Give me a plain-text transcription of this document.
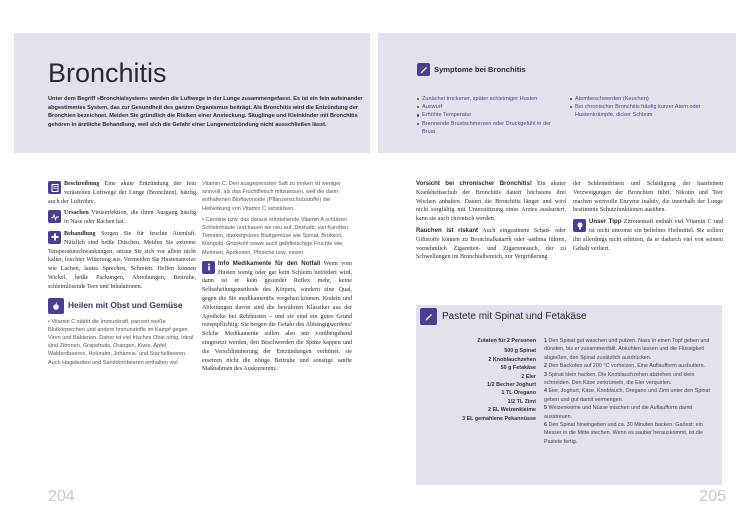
Bronchitis

Unter dem Begriff »Bronchialsystem« werden die Luftwege in der Lunge zusammengefasst. Es ist ein fein aufeinander abgestimmtes System, das zur Gesundheit des ganzen Organismus beiträgt. Als Bronchitis wird die Entzündung der Bronchien bezeichnet. Meiden Sie gründlich die Risiken einer Ansteckung. Säuglinge und Kleinkinder mit Bronchitis gehören in ärztliche Behandlung, weil sich die Gefahr einer Lungenentzündung nicht ausschließen lässt.

Beschreibung Eine akute Entzündung der fein verästelten Luftwege der Lunge (Bronchien), häufig auch der Luftröhre.
Ursachen Virusinfektion, die ihren Ausgang häufig in Nase oder Rachen hat.
Behandlung Sorgen Sie für feuchte Atemluft. Nützlich sind heiße Duschen. Meiden Sie extreme Temperaturschwankungen, setzen Sie sich vor allem nicht kalter, feuchter Witterung aus. Vermeiden Sie Hustenanreize wie Lachen, lautes Sprechen, Schreien. Helfen können Wickel, heiße Packungen, Abreibungen, Bettruhe, schleimlösende Tees und Inhalationen.
Heilen mit Obst und Gemüse
• Vitamin C stärkt die Immunkraft, panzert weiße Blutkörperchen und andere Immunstoffe im Kampf gegen Viren und Bakterien. Daher ist viel frisches Obst nötig. Ideal sind Zitronen, Grapefruits, Orangen, Kiwis, Äpfel, Walderdbeeren, Holunder, Johannis- und Stachelbeeren. Auch Hagebutten und Sanddornbeeren enthalten viel
Vitamin C. Den ausgepressten Saft zu trinken ist weniger sinnvoll, als das Fruchtfleisch mitzuessen, weil die darin enthaltenen Bioflavonoide (Pflanzenschutzstoffe) die Heilwirkung von Vitamin C verstärken.
• Carotine bzw. das daraus entstehende Vitamin A schützen Schleimhäute und bauen sie neu auf. Deshalb: viel Karotten, Tomaten, dunkelgrünes Blattgemüse wie Spinat, Brokkoli, Mangold, Grünkohl sowie auch gelbfleischige Früchte wie Melonen, Aprikosen, Pfirsiche usw. essen.
Info Medikamente für den Notfall Wenn vom Husten wenig oder gar kein Schleim befördert wird, dann ist er kein gesunder Reflex mehr, keine Selbstheilungsmethode des Körpers, sondern eine Qual, gegen die Sie medikamentös vorgehen können. Kodein und Ableitungen davon sind die bewährten Klassiker aus der Apotheke bei Reizhusten – und sie sind ein gutes Grund rezeptpflichtig: Sie bergen die Gefahr des Abhängigwerdens! Solche Medikamente sollen also nur vorübergehend eingesetzt werden, den Beschwerden die Spitze kappen und die Verschlimmerung der Entzündungen verhüten; sie ersetzen nicht die nötige Bettruhe und sonstige sanfte Maßnahmen des Auskurierens.
204
Symptome bei Bronchitis
Zunächst trockener, später schleimiger Husten
Auswurf
Erhöhte Temperatur
Brennende Brustschmerzen oder Druckgefühl in der Brust
Atembeschwerden (Keuchen)
Bei chronischer Bronchitis häufig kurzer Atem oder Hustenkrämpfe, dicker Schleim
Vorsicht bei chronischer Bronchitis! Ein akuter Krankheitsschub der Bronchitis dauert höchstens drei Wochen anhalten. Dauert die Bronchitis länger und wird nicht sorgfältig mit Unterstützung eines Arztes auskuriert, kann sie auch chronisch werden.
Rauchen ist riskant Auch eingeatmete Schad- oder Giftstoffe können zu Bronchialkatarrh oder -asthma führen, vornehmlich Zigaretten- und Zigarrenrauch, der zu Schwellungen im Bronchialbereich, zur Vergrößerung
der Schleimdrüsen und Schädigung der haarfeinen Verzweigungen der Bronchien führt. Nikotin und Teer machen wertvolle Enzyme inaktiv, die innerhalb der Lunge bestimmte Schutzfunktionen ausüben.
Unser Tipp Zitronensaft enthält viel Vitamin C und ist nicht umsonst ein beliebtes Heilmittel. Sie sollten ihn allerdings nicht erhitzen, da er dadurch viel von seinem Gehalt verliert.
Pastete mit Spinat und Fetakäse
Zutaten für 2 Personen
500 g Spinat
2 Knoblauchzehen
50 g Fetakäse
2 Eier
1/2 Becher Joghurt
1 TL Oregano
1/2 TL Zimt
2 EL Weizenkleime
3 EL gemahlene Pekannüsse
1 Den Spinat gut waschen und putzen. Nass in einen Topf geben und dünsten, bis er zusammenfällt. Abkühlen lassen und die Flüssigkeit abgießen, den Spinat zusätzlich ausdrücken.
2 Den Backofen auf 200 °C vorheizen. Eine Auflaufform ausbuttern.
3 Spinat klein hacken. Die Knoblauchzehen abziehen und klein schneiden. Den Käse zerkrümeln, die Eier verquirlen.
4 Eier, Joghurt, Käse, Knoblauch, Oregano und Zimt unter den Spinat geben und gut damit vermengen.
5 Weizenkeime und Nüsse mischen und die Auflaufform damit ausstreuen.
6 Den Spinat hineingeben und ca. 30 Minuten backen. Garlest: ein Messer in die Mitte stechen. Wenn es sauber herauskommt, ist die Pastete fertig.
205
